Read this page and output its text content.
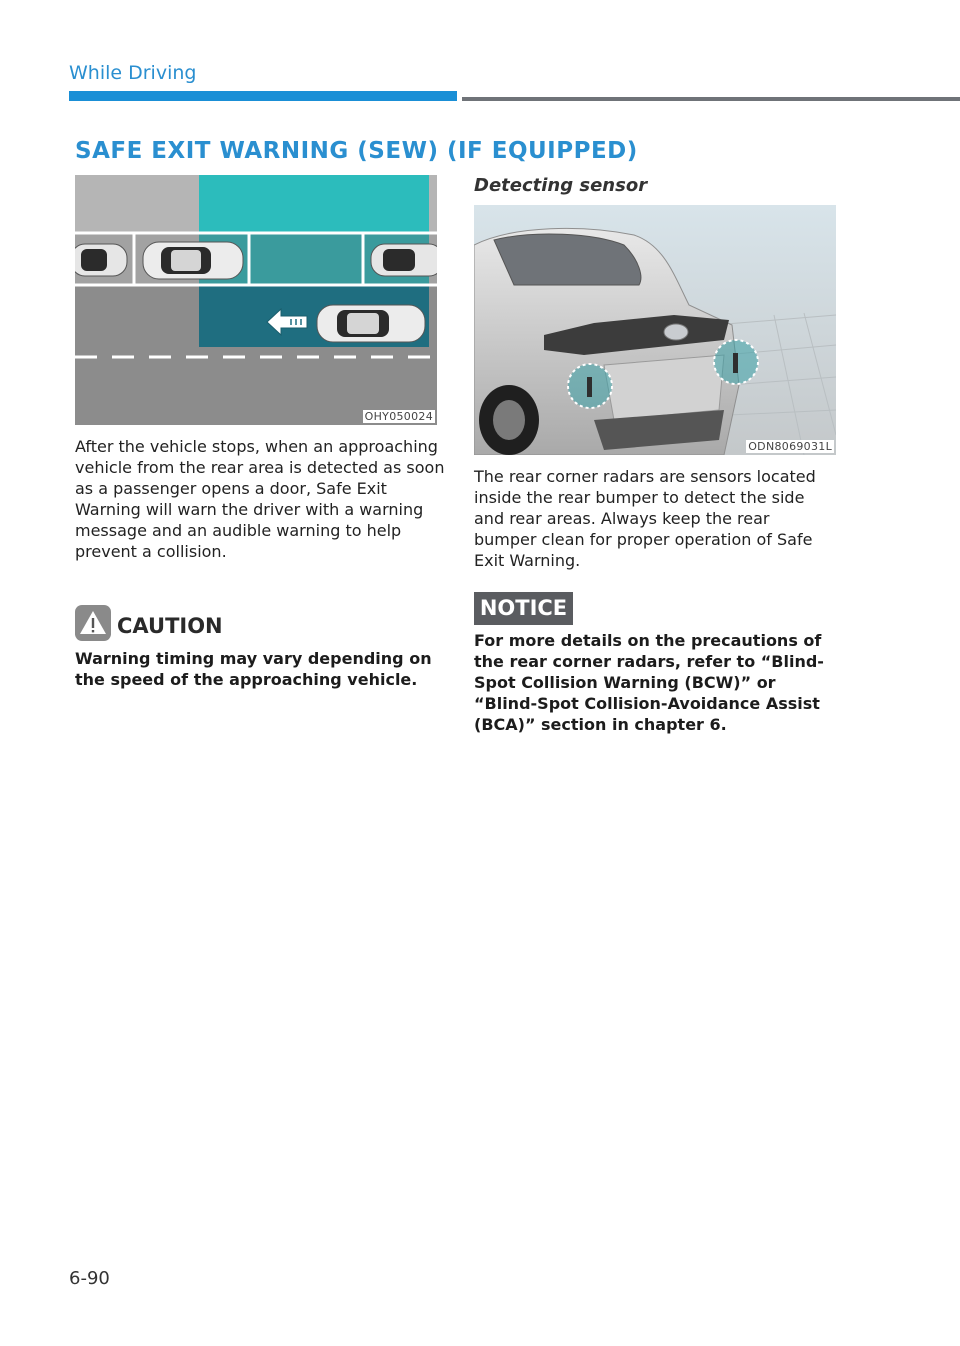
While Driving
SAFE EXIT WARNING (SEW) (IF EQUIPPED)
OHY050024

After the vehicle stops, when an approaching vehicle from the rear area is detected as soon as a passenger opens a door, Safe Exit Warning will warn the driver with a warning message and an audible warning to help prevent a collision.

CAUTION

Warning timing may vary depending on the speed of the approaching vehicle.

Detecting sensor
ODN8069031L

The rear corner radars are sensors located inside the rear bumper to detect the side and rear areas. Always keep the rear bumper clean for proper operation of Safe Exit Warning.

NOTICE

For more details on the precautions of the rear corner radars, refer to “Blind-Spot Collision Warning (BCW)” or “Blind-Spot Collision-Avoidance Assist (BCA)” section in chapter 6.

6-90
